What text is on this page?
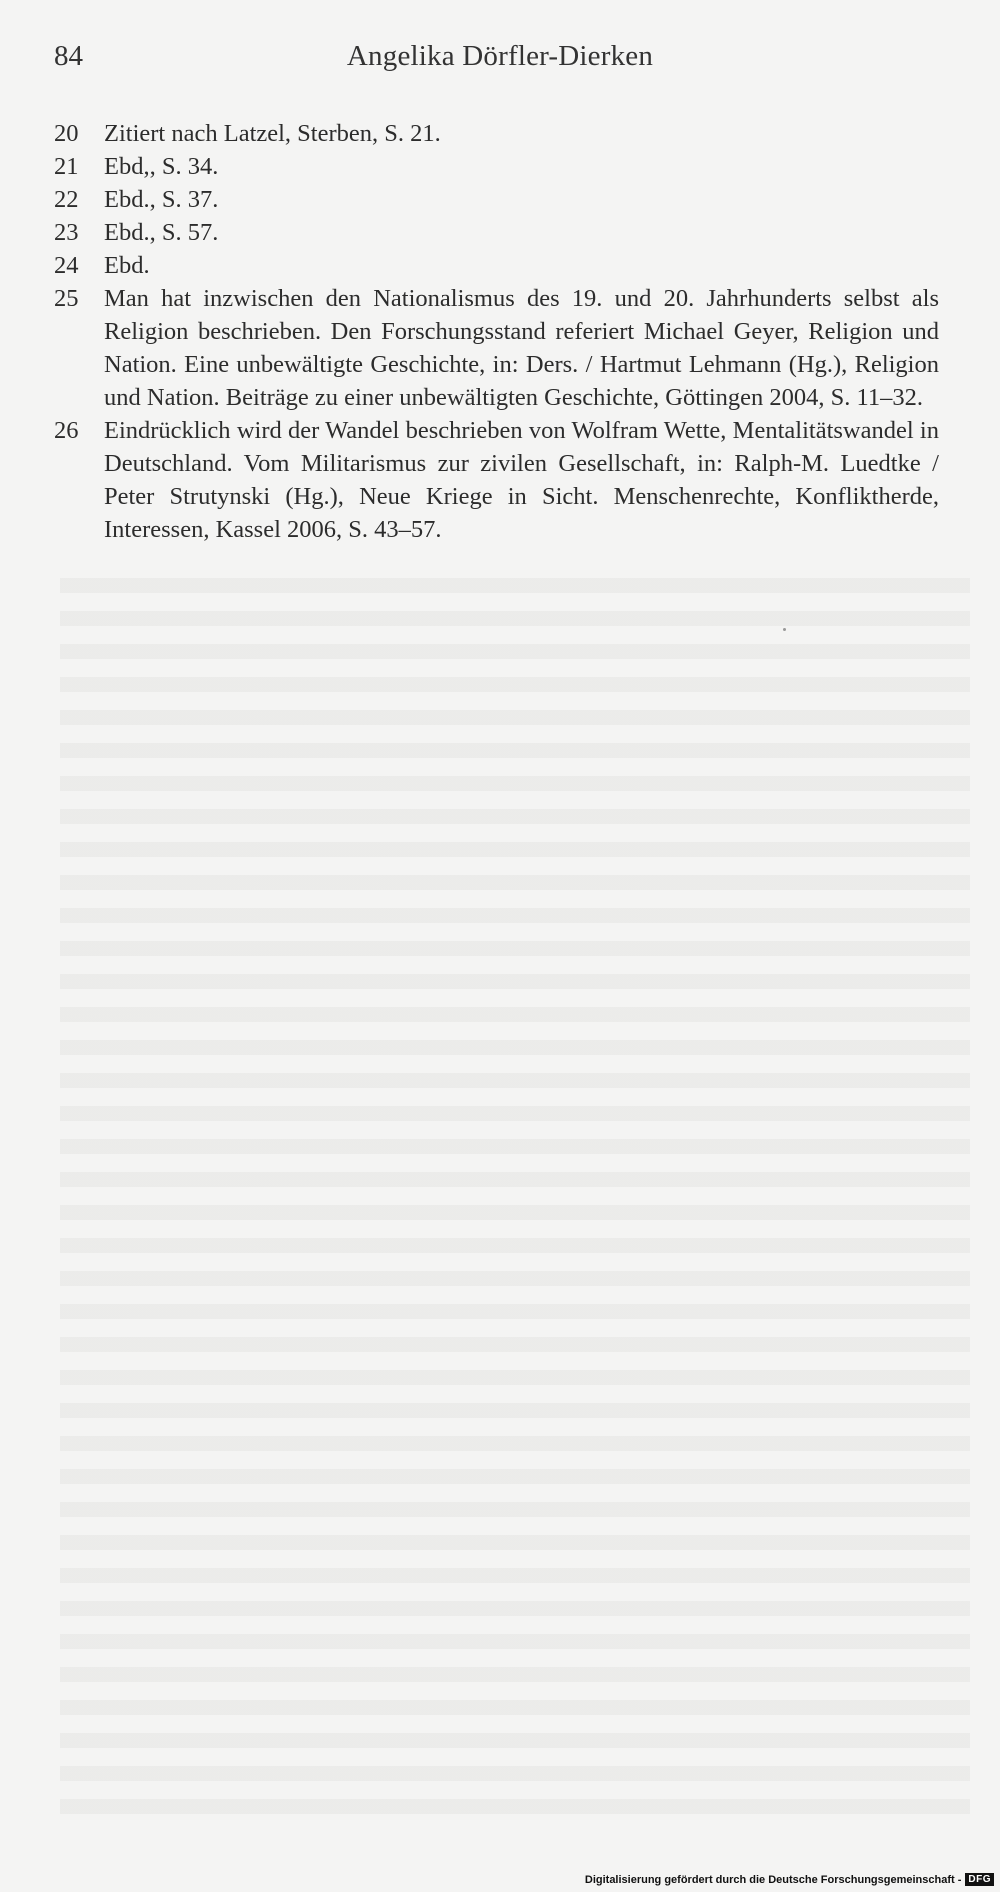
84	Angelika Dörfler-Dierken
20	Zitiert nach Latzel, Sterben, S. 21.
21	Ebd,, S. 34.
22	Ebd., S. 37.
23	Ebd., S. 57.
24	Ebd.
25	Man hat inzwischen den Nationalismus des 19. und 20. Jahrhunderts selbst als Religion beschrieben. Den Forschungsstand referiert Michael Geyer, Religion und Nation. Eine unbewältigte Geschichte, in: Ders. / Hartmut Lehmann (Hg.), Religion und Nation. Beiträge zu einer unbewältigten Geschichte, Göttingen 2004, S. 11–32.
26	Eindrücklich wird der Wandel beschrieben von Wolfram Wette, Mentalitätswandel in Deutschland. Vom Militarismus zur zivilen Gesellschaft, in: Ralph-M. Luedtke / Peter Strutynski (Hg.), Neue Kriege in Sicht. Menschenrechte, Konfliktherde, Interessen, Kassel 2006, S. 43–57.
Digitalisierung gefördert durch die Deutsche Forschungsgemeinschaft - DFG
